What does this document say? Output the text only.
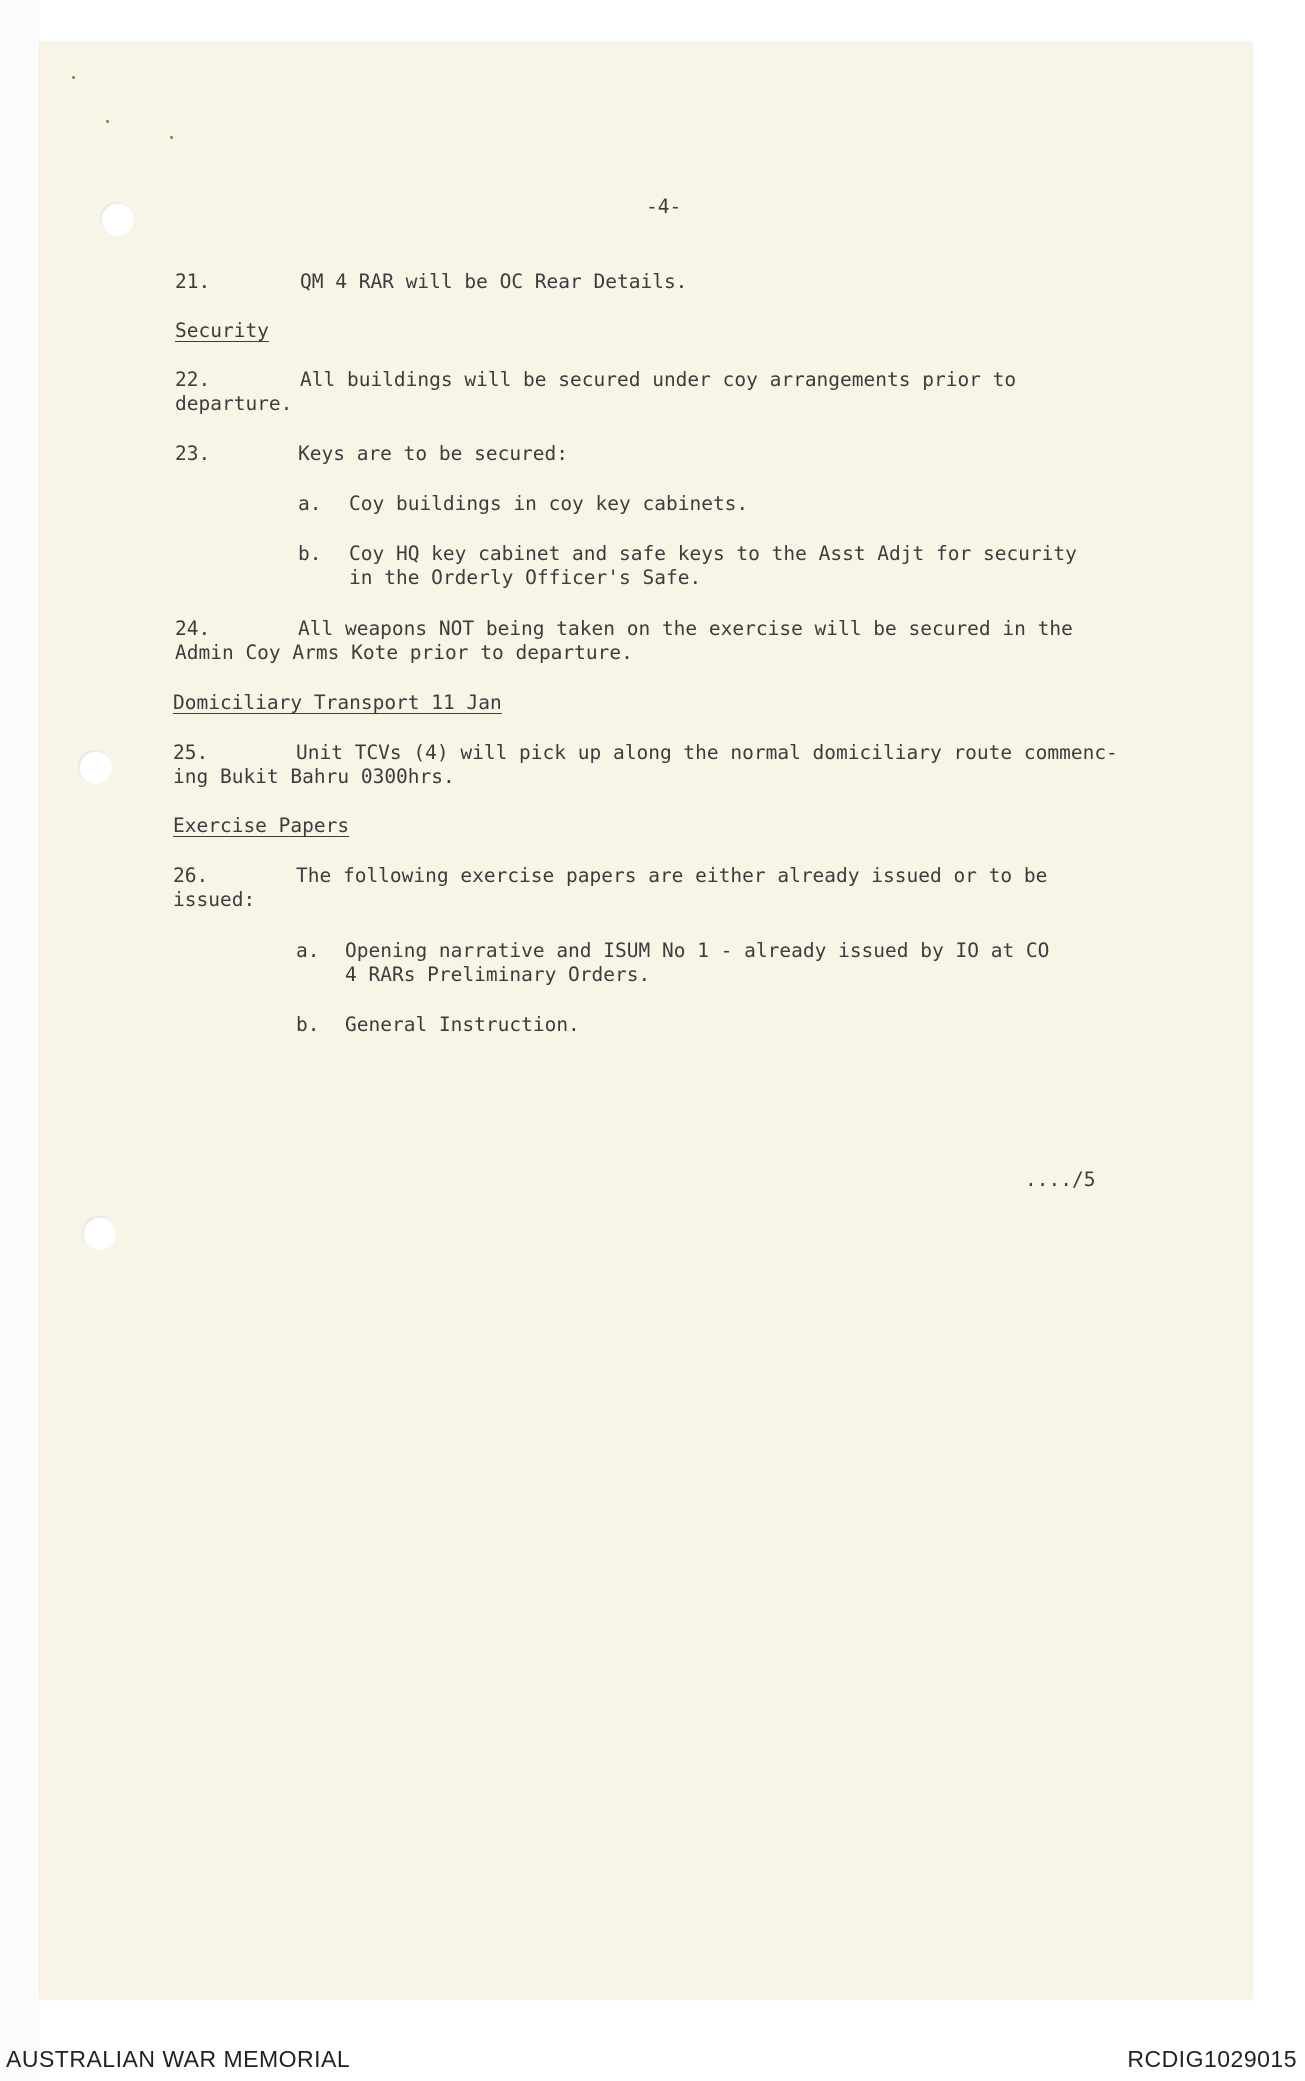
-4-
21.	QM 4 RAR will be OC Rear Details.
Security
22.	All buildings will be secured under coy arrangements prior to
departure.
23.	Keys are to be secured:
a. Coy buildings in coy key cabinets.
b. Coy HQ key cabinet and safe keys to the Asst Adjt for security
in the Orderly Officer's Safe.
24.	All weapons NOT being taken on the exercise will be secured in the
Admin Coy Arms Kote prior to departure.
Domiciliary Transport 11 Jan
25.	Unit TCVs (4) will pick up along the normal domiciliary route commenc-
ing Bukit Bahru 0300hrs.
Exercise Papers
26.	The following exercise papers are either already issued or to be
issued:
a. Opening narrative and ISUM No 1 - already issued by IO at CO
4 RARs Preliminary Orders.
b. General Instruction.
..../5
AUSTRALIAN WAR MEMORIAL	RCDIG1029015
